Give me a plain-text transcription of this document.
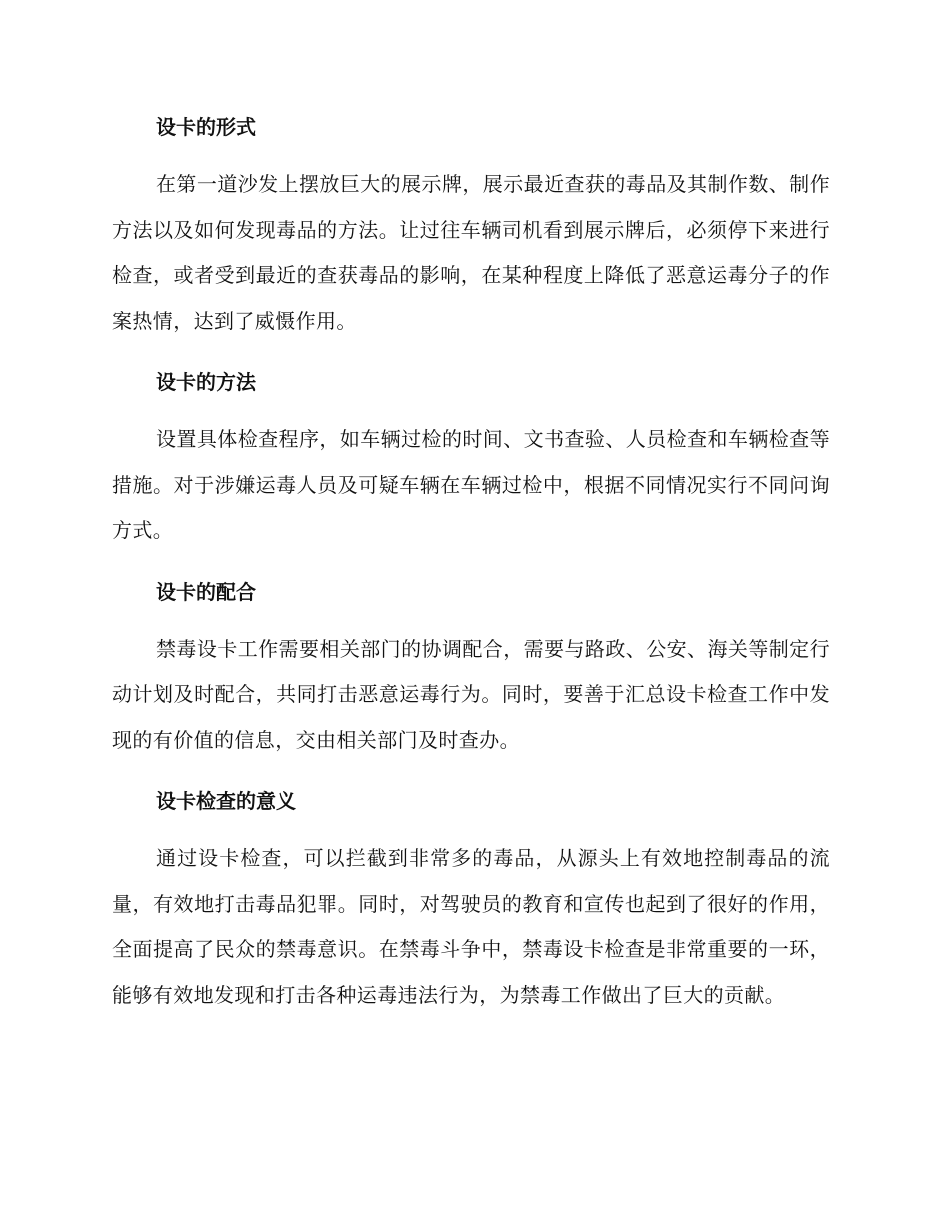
设卡的形式

在第一道沙发上摆放巨大的展示牌，展示最近查获的毒品及其制作数、制作方法以及如何发现毒品的方法。让过往车辆司机看到展示牌后，必须停下来进行检查，或者受到最近的查获毒品的影响，在某种程度上降低了恶意运毒分子的作案热情，达到了威慑作用。

设卡的方法

设置具体检查程序，如车辆过检的时间、文书查验、人员检查和车辆检查等措施。对于涉嫌运毒人员及可疑车辆在车辆过检中，根据不同情况实行不同问询方式。

设卡的配合

禁毒设卡工作需要相关部门的协调配合，需要与路政、公安、海关等制定行动计划及时配合，共同打击恶意运毒行为。同时，要善于汇总设卡检查工作中发现的有价值的信息，交由相关部门及时查办。

设卡检查的意义

通过设卡检查，可以拦截到非常多的毒品，从源头上有效地控制毒品的流量，有效地打击毒品犯罪。同时，对驾驶员的教育和宣传也起到了很好的作用，全面提高了民众的禁毒意识。在禁毒斗争中，禁毒设卡检查是非常重要的一环，能够有效地发现和打击各种运毒违法行为，为禁毒工作做出了巨大的贡献。
